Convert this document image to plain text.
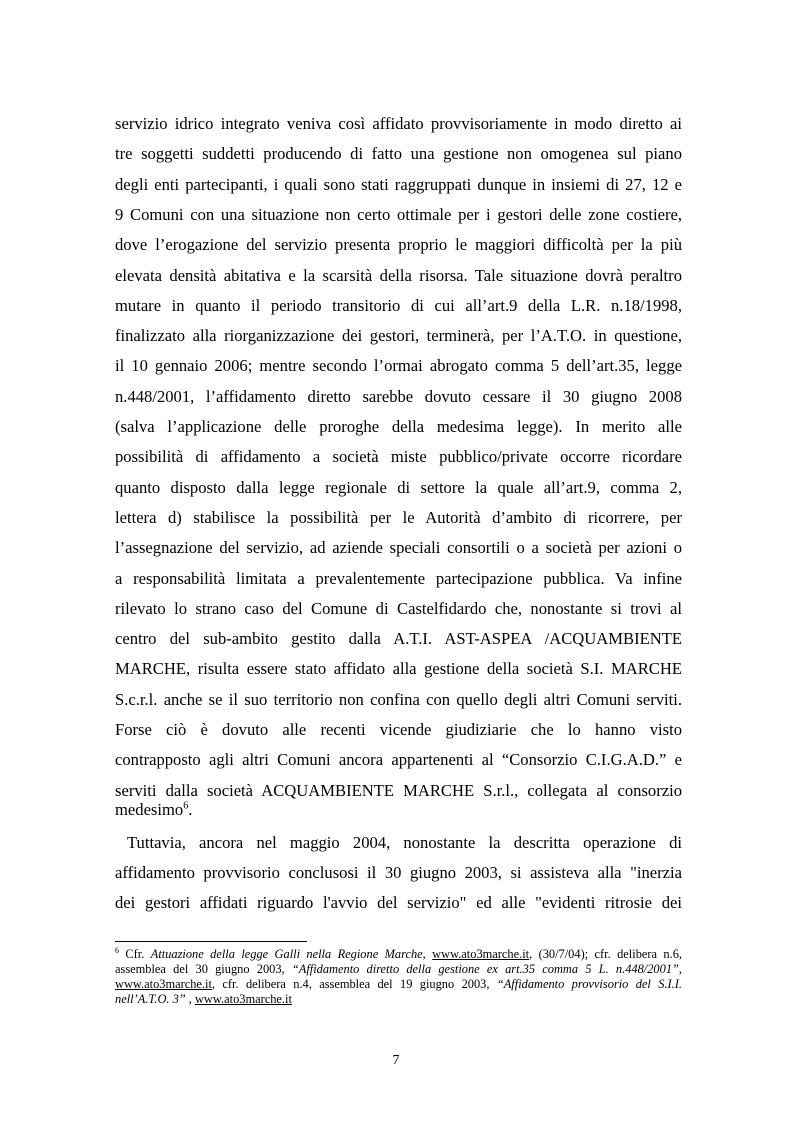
servizio idrico integrato veniva così affidato provvisoriamente in modo diretto ai
tre soggetti suddetti producendo di fatto una gestione non omogenea sul piano
degli enti partecipanti, i quali sono stati raggruppati dunque in insiemi di 27, 12 e
9 Comuni con una situazione non certo ottimale per i gestori delle zone costiere,
dove l’erogazione del servizio presenta proprio le maggiori difficoltà per la più
elevata densità abitativa e la scarsità della risorsa. Tale situazione dovrà peraltro
mutare in quanto il periodo transitorio di cui all’art.9 della L.R. n.18/1998,
finalizzato alla riorganizzazione dei gestori, terminerà, per l’A.T.O. in questione,
il 10 gennaio 2006; mentre secondo l’ormai abrogato comma 5 dell’art.35, legge
n.448/2001, l’affidamento diretto sarebbe dovuto cessare il 30 giugno 2008
(salva l’applicazione delle proroghe della medesima legge). In merito alle
possibilità di affidamento a società miste pubblico/private occorre ricordare
quanto disposto dalla legge regionale di settore la quale all’art.9, comma 2,
lettera d) stabilisce la possibilità per le Autorità d’ambito di ricorrere, per
l’assegnazione del servizio, ad aziende speciali consortili o a società per azioni o
a responsabilità limitata a prevalentemente partecipazione pubblica. Va infine
rilevato lo strano caso del Comune di Castelfidardo che, nonostante si trovi al
centro del sub-ambito gestito dalla A.T.I. AST-ASPEA /ACQUAMBIENTE
MARCHE, risulta essere stato affidato alla gestione della società S.I. MARCHE
S.c.r.l. anche se il suo territorio non confina con quello degli altri Comuni serviti.
Forse ciò è dovuto alle recenti vicende giudiziarie che lo hanno visto
contrapposto agli altri Comuni ancora appartenenti al “Consorzio C.I.G.A.D.” e
serviti dalla società ACQUAMBIENTE MARCHE S.r.l., collegata al consorzio
medesimo$^6$.
Tuttavia, ancora nel maggio 2004, nonostante la descritta operazione di
affidamento provvisorio conclusosi il 30 giugno 2003, si assisteva alla "inerzia
dei gestori affidati riguardo l'avvio del servizio" ed alle "evidenti ritrosie dei
$^6$ Cfr. Attuazione della legge Galli nella Regione Marche, www.ato3marche.it, (30/7/04); cfr. delibera n.6,
assemblea del 30 giugno 2003, “Affidamento diretto della gestione ex art.35 comma 5 L. n.448/2001”,
www.ato3marche.it, cfr. delibera n.4, assemblea del 19 giugno 2003, “Affidamento provvisorio del S.I.I.
nell’A.T.O. 3” , www.ato3marche.it
7
